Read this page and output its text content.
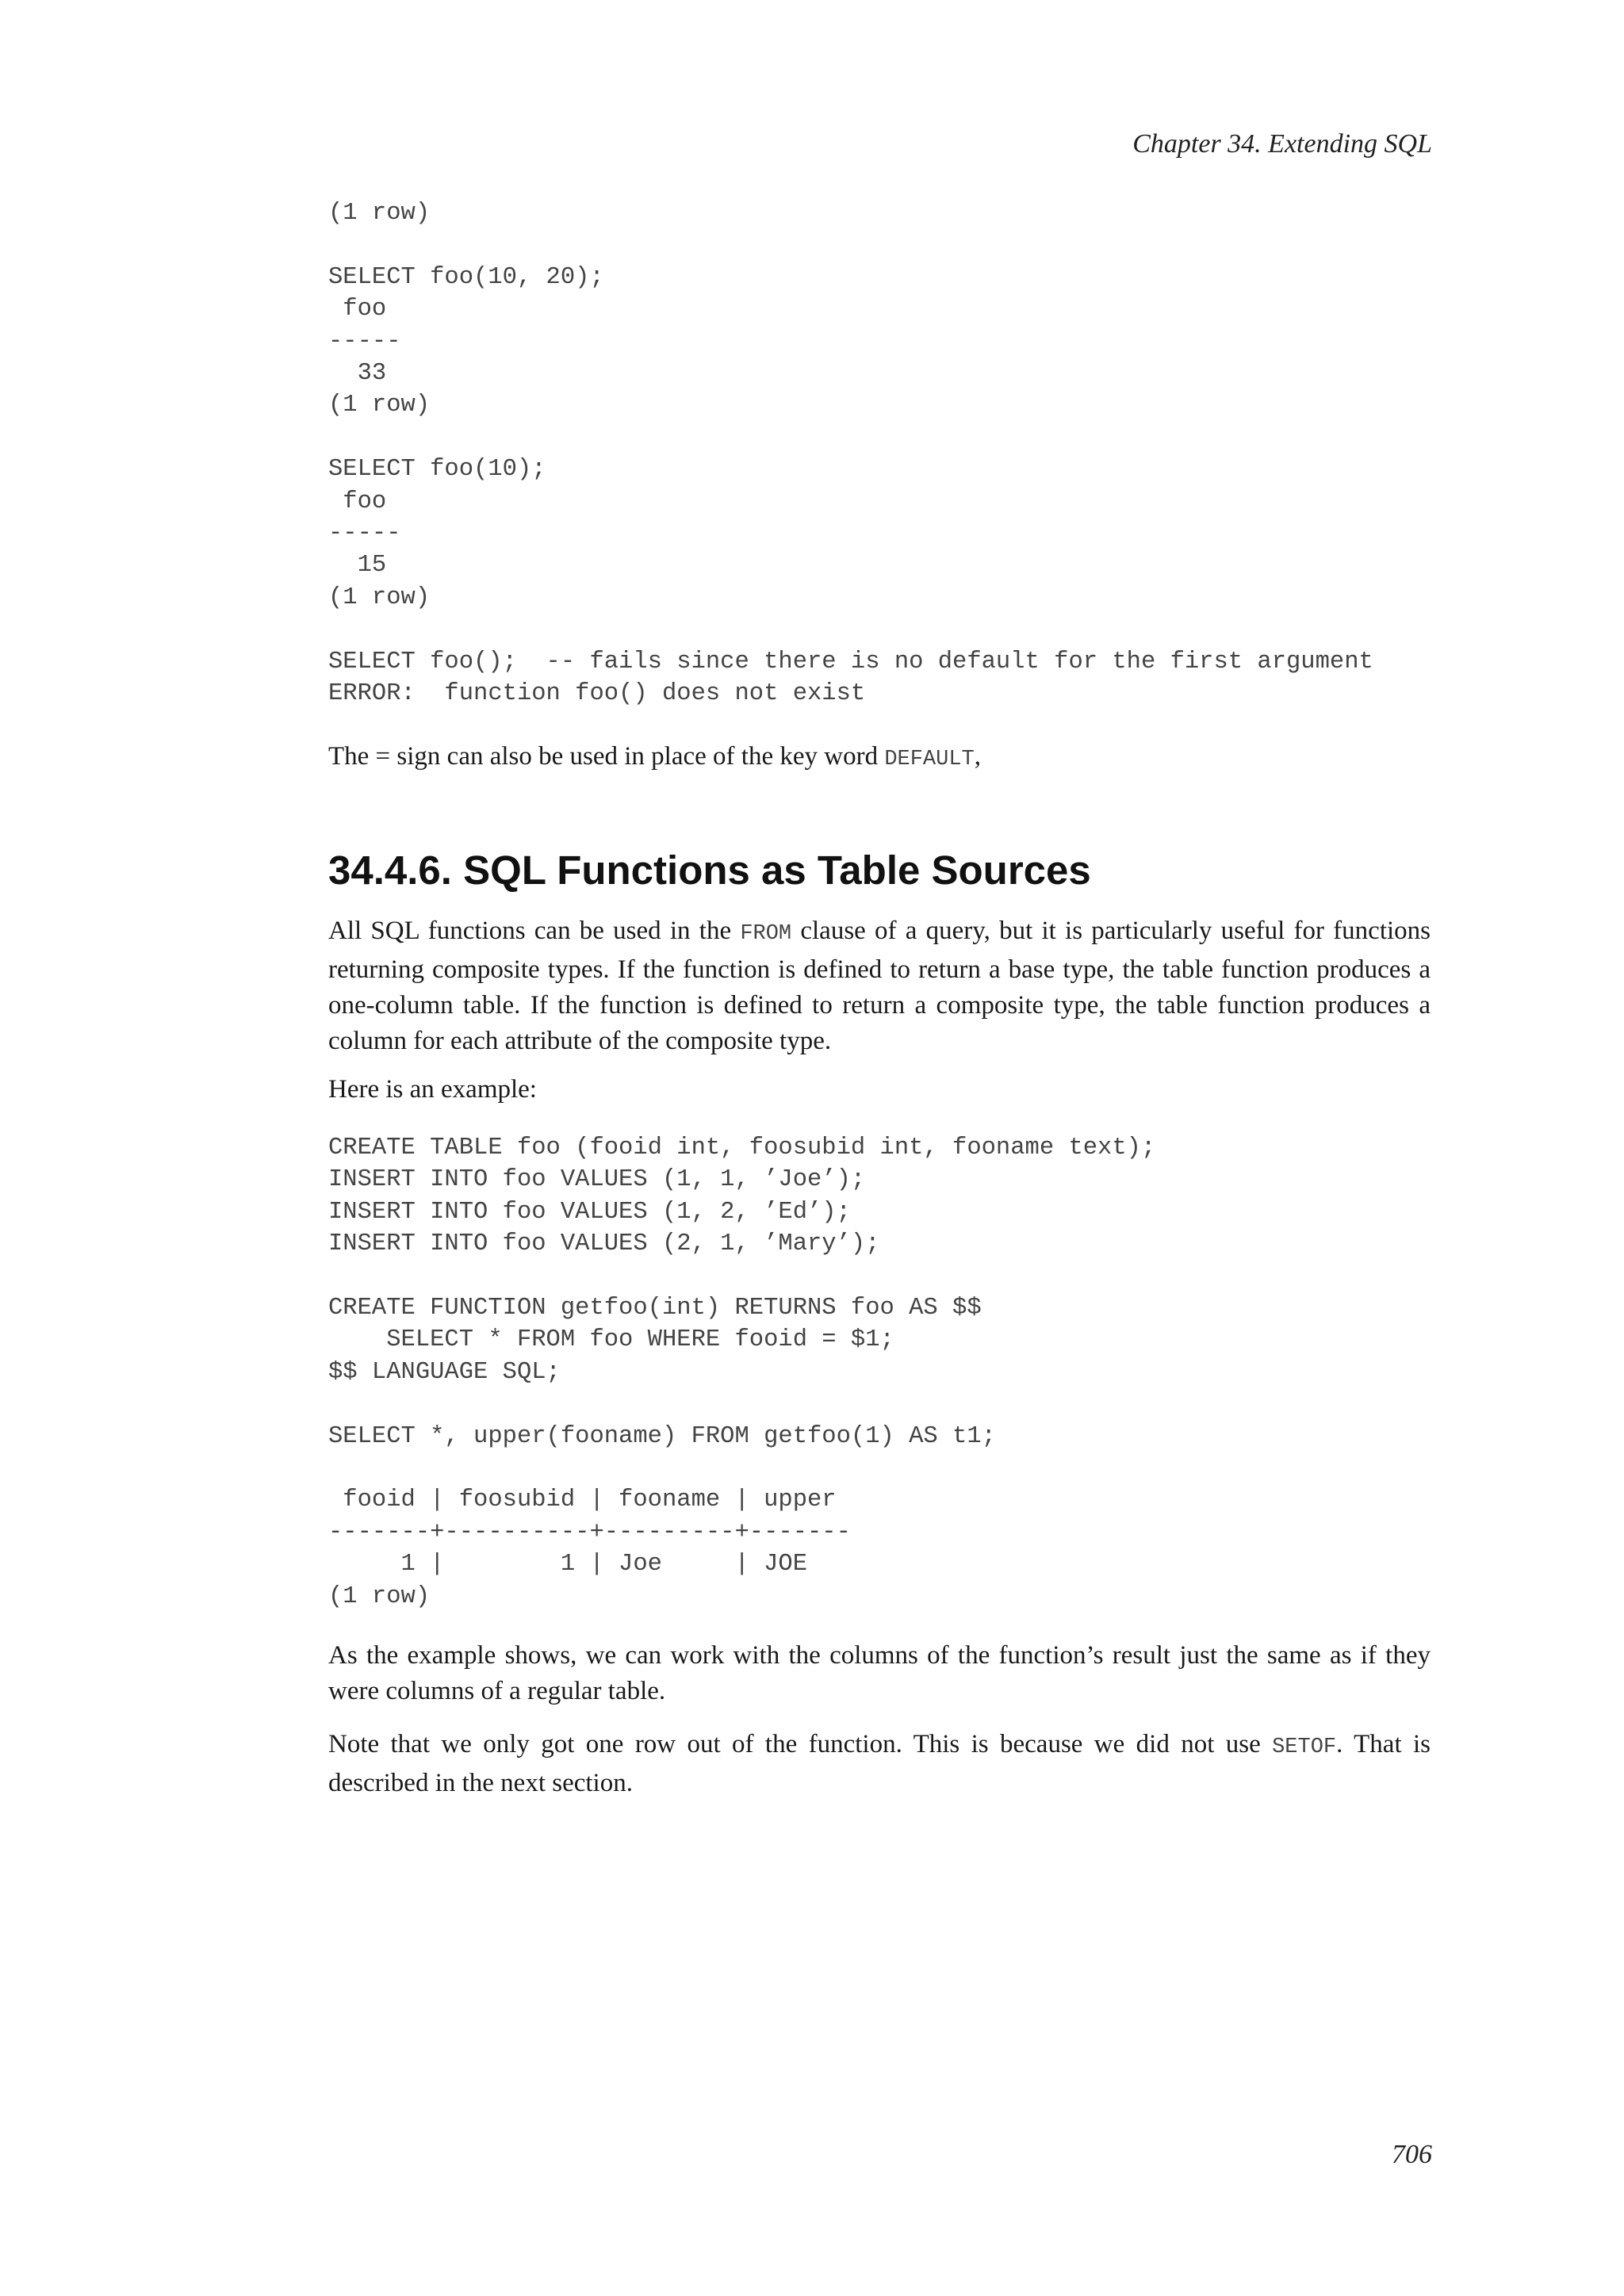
Chapter 34. Extending SQL
(1 row)

SELECT foo(10, 20);
foo
-----
33
(1 row)

SELECT foo(10);
foo
-----
15
(1 row)

SELECT foo();  -- fails since there is no default for the first argument
ERROR:  function foo() does not exist

The = sign can also be used in place of the key word DEFAULT,

34.4.6. SQL Functions as Table Sources

All SQL functions can be used in the FROM clause of a query, but it is particularly useful for functions returning composite types. If the function is defined to return a base type, the table function produces a one-column table. If the function is defined to return a composite type, the table function produces a column for each attribute of the composite type.

Here is an example:

CREATE TABLE foo (fooid int, foosubid int, fooname text);
INSERT INTO foo VALUES (1, 1, ’Joe’);
INSERT INTO foo VALUES (1, 2, ’Ed’);
INSERT INTO foo VALUES (2, 1, ’Mary’);

CREATE FUNCTION getfoo(int) RETURNS foo AS $$
SELECT * FROM foo WHERE fooid = $1;
$$ LANGUAGE SQL;

SELECT *, upper(fooname) FROM getfoo(1) AS t1;

fooid | foosubid | fooname | upper
-------+----------+---------+-------
1 |        1 | Joe     | JOE
(1 row)

As the example shows, we can work with the columns of the function’s result just the same as if they were columns of a regular table.

Note that we only got one row out of the function. This is because we did not use SETOF. That is described in the next section.

706
